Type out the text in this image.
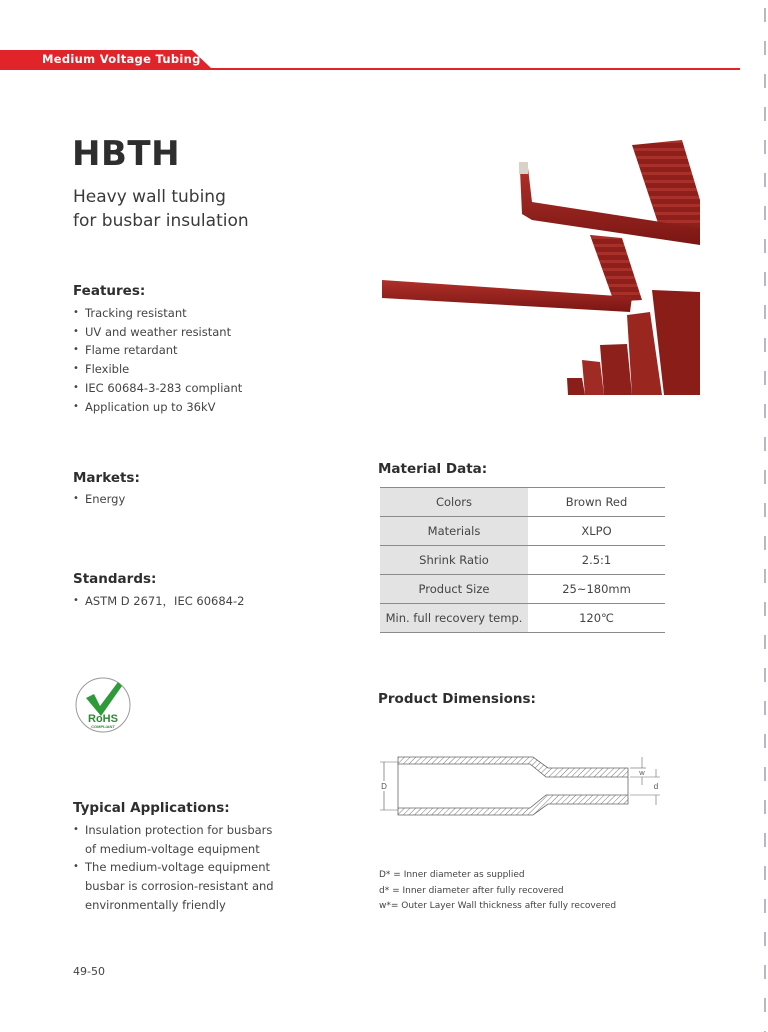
Medium Voltage Tubing
HBTH

Heavy wall tubing
for busbar insulation

Features:
• Tracking resistant
• UV and weather resistant
• Flame retardant
• Flexible
• IEC 60684-3-283 compliant
• Application up to 36kV
Markets:
• Energy
Standards:
• ASTM D 2671，IEC 60684-2
Material Data:
Colors	Brown Red
Materials	XLPO
Shrink Ratio	2.5:1
Product Size	25~180mm
Min. full recovery temp.	120℃
RoHS
COMPLIANT
Product Dimensions:
D
w
d
D* = Inner diameter as supplied
d* = Inner diameter after fully recovered
w*= Outer Layer Wall thickness after fully recovered
Typical Applications:
• Insulation protection for busbars
of medium-voltage equipment
• The medium-voltage equipment
busbar is corrosion-resistant and
environmentally friendly
49-50
